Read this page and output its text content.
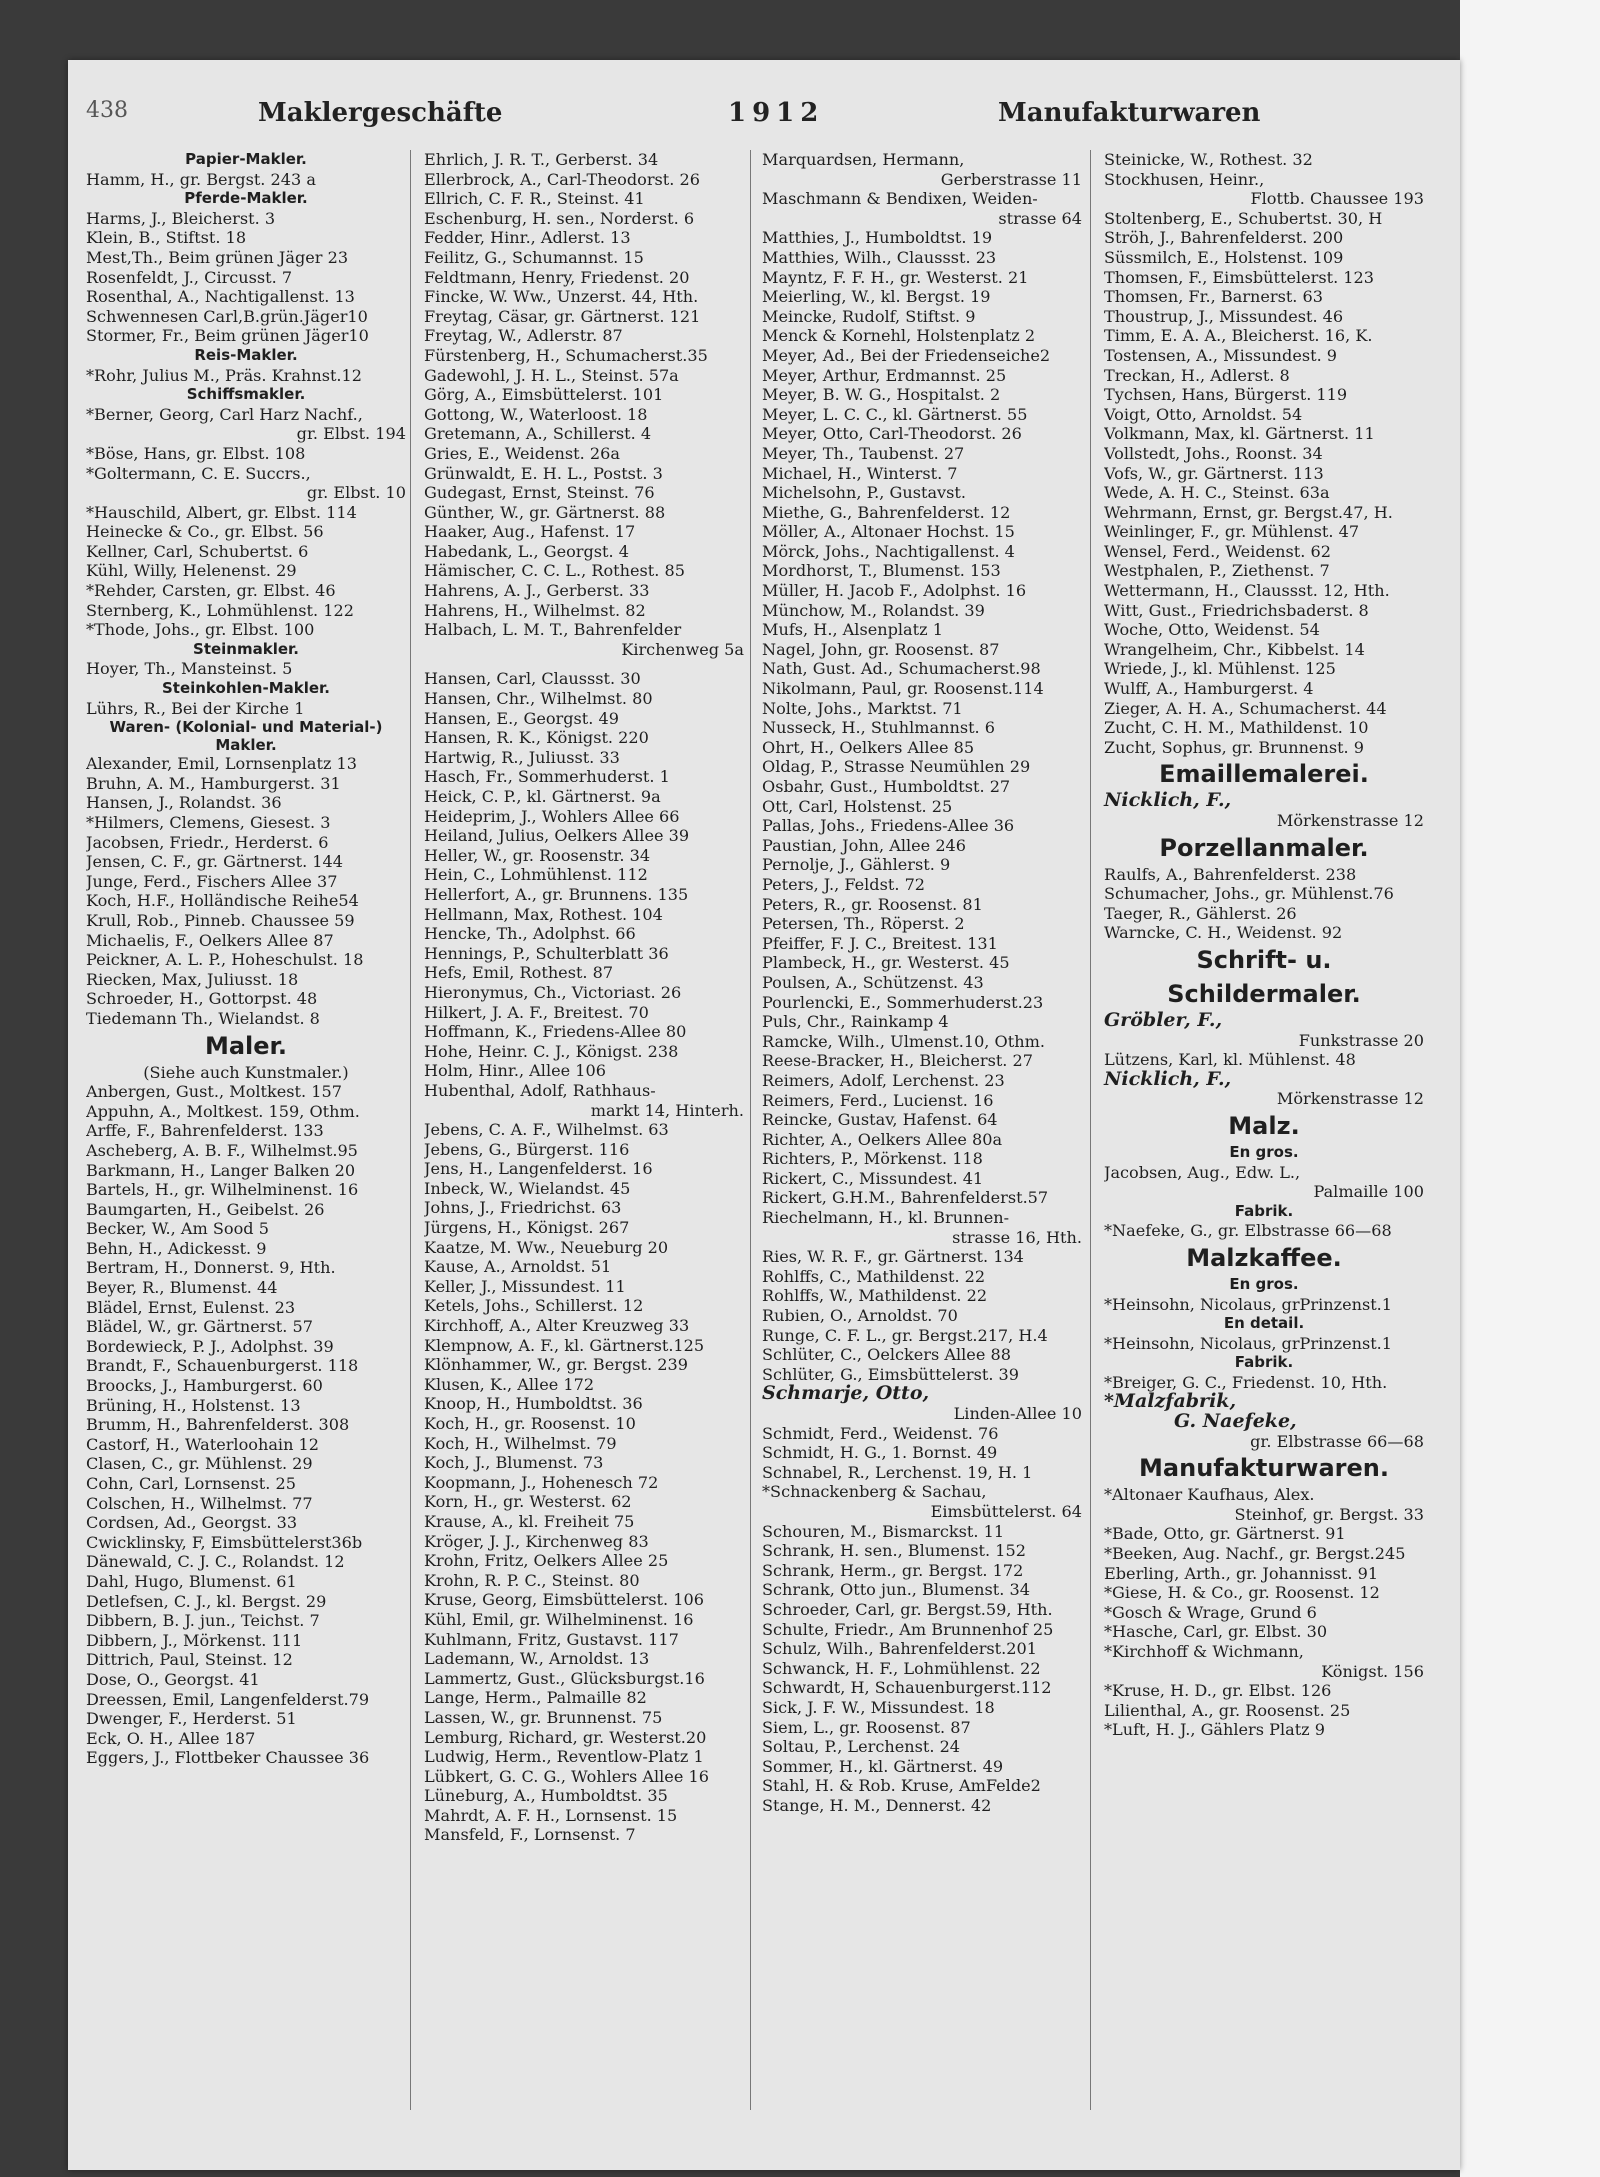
438	Maklergeschäfte	1912	Manufakturwaren
Papier-Makler.
Hamm, H., gr. Bergst. 243 a
Pferde-Makler.
Harms, J., Bleicherst. 3
Klein, B., Stiftst. 18
Mest,Th., Beim grünen Jäger 23
Rosenfeldt, J., Circusst. 7
Rosenthal, A., Nachtigallenst. 13
Schwennesen Carl,B.grün.Jäger10
Stormer, Fr., Beim grünen Jäger10
Reis-Makler.
*Rohr, Julius M., Präs. Krahnst.12
Schiffsmakler.
*Berner, Georg, Carl Harz Nachf.,
gr. Elbst. 194
*Böse, Hans, gr. Elbst. 108
*Goltermann, C. E. Succrs.,
gr. Elbst. 10
*Hauschild, Albert, gr. Elbst. 114
Heinecke & Co., gr. Elbst. 56
Kellner, Carl, Schubertst. 6
Kühl, Willy, Helenenst. 29
*Rehder, Carsten, gr. Elbst. 46
Sternberg, K., Lohmühlenst. 122
*Thode, Johs., gr. Elbst. 100
Steinmakler.
Hoyer, Th., Mansteinst. 5
Steinkohlen-Makler.
Lührs, R., Bei der Kirche 1
Waren- (Kolonial- und Material-)
Makler.
Alexander, Emil, Lornsenplatz 13
Bruhn, A. M., Hamburgerst. 31
Hansen, J., Rolandst. 36
*Hilmers, Clemens, Giesest. 3
Jacobsen, Friedr., Herderst. 6
Jensen, C. F., gr. Gärtnerst. 144
Junge, Ferd., Fischers Allee 37
Koch, H.F., Holländische Reihe54
Krull, Rob., Pinneb. Chaussee 59
Michaelis, F., Oelkers Allee 87
Peickner, A. L. P., Hoheschulst. 18
Riecken, Max, Juliusst. 18
Schroeder, H., Gottorpst. 48
Tiedemann Th., Wielandst. 8
Maler.
(Siehe auch Kunstmaler.)
Anbergen, Gust., Moltkest. 157
Appuhn, A., Moltkest. 159, Othm.
Arffe, F., Bahrenfelderst. 133
Ascheberg, A. B. F., Wilhelmst.95
Barkmann, H., Langer Balken 20
Bartels, H., gr. Wilhelminenst. 16
Baumgarten, H., Geibelst. 26
Becker, W., Am Sood 5
Behn, H., Adickesst. 9
Bertram, H., Donnerst. 9, Hth.
Beyer, R., Blumenst. 44
Blädel, Ernst, Eulenst. 23
Blädel, W., gr. Gärtnerst. 57
Bordewieck, P. J., Adolphst. 39
Brandt, F., Schauenburgerst. 118
Broocks, J., Hamburgerst. 60
Brüning, H., Holstenst. 13
Brumm, H., Bahrenfelderst. 308
Castorf, H., Waterloohain 12
Clasen, C., gr. Mühlenst. 29
Cohn, Carl, Lornsenst. 25
Colschen, H., Wilhelmst. 77
Cordsen, Ad., Georgst. 33
Cwicklinsky, F, Eimsbüttelerst36b
Dänewald, C. J. C., Rolandst. 12
Dahl, Hugo, Blumenst. 61
Detlefsen, C. J., kl. Bergst. 29
Dibbern, B. J. jun., Teichst. 7
Dibbern, J., Mörkenst. 111
Dittrich, Paul, Steinst. 12
Dose, O., Georgst. 41
Dreessen, Emil, Langenfelderst.79
Dwenger, F., Herderst. 51
Eck, O. H., Allee 187
Eggers, J., Flottbeker Chaussee 36
Ehrlich, J. R. T., Gerberst. 34
Ellerbrock, A., Carl-Theodorst. 26
Ellrich, C. F. R., Steinst. 41
Eschenburg, H. sen., Norderst. 6
Fedder, Hinr., Adlerst. 13
Feilitz, G., Schumannst. 15
Feldtmann, Henry, Friedenst. 20
Fincke, W. Ww., Unzerst. 44, Hth.
Freytag, Cäsar, gr. Gärtnerst. 121
Freytag, W., Adlerstr. 87
Fürstenberg, H., Schumacherst.35
Gadewohl, J. H. L., Steinst. 57a
Görg, A., Eimsbüttelerst. 101
Gottong, W., Waterloost. 18
Gretemann, A., Schillerst. 4
Gries, E., Weidenst. 26a
Grünwaldt, E. H. L., Postst. 3
Gudegast, Ernst, Steinst. 76
Günther, W., gr. Gärtnerst. 88
Haaker, Aug., Hafenst. 17
Habedank, L., Georgst. 4
Hämischer, C. C. L., Rothest. 85
Hahrens, A. J., Gerberst. 33
Hahrens, H., Wilhelmst. 82
Halbach, L. M. T., Bahrenfelder
Kirchenweg 5a
Hansen, Carl, Claussst. 30
Hansen, Chr., Wilhelmst. 80
Hansen, E., Georgst. 49
Hansen, R. K., Königst. 220
Hartwig, R., Juliusst. 33
Hasch, Fr., Sommerhuderst. 1
Heick, C. P., kl. Gärtnerst. 9a
Heideprim, J., Wohlers Allee 66
Heiland, Julius, Oelkers Allee 39
Heller, W., gr. Roosenstr. 34
Hein, C., Lohmühlenst. 112
Hellerfort, A., gr. Brunnens. 135
Hellmann, Max, Rothest. 104
Hencke, Th., Adolphst. 66
Hennings, P., Schulterblatt 36
Hefs, Emil, Rothest. 87
Hieronymus, Ch., Victoriast. 26
Hilkert, J. A. F., Breitest. 70
Hoffmann, K., Friedens-Allee 80
Hohe, Heinr. C. J., Königst. 238
Holm, Hinr., Allee 106
Hubenthal, Adolf, Rathhaus-
markt 14, Hinterh.
Jebens, C. A. F., Wilhelmst. 63
Jebens, G., Bürgerst. 116
Jens, H., Langenfelderst. 16
Inbeck, W., Wielandst. 45
Johns, J., Friedrichst. 63
Jürgens, H., Königst. 267
Kaatze, M. Ww., Neueburg 20
Kause, A., Arnoldst. 51
Keller, J., Missundest. 11
Ketels, Johs., Schillerst. 12
Kirchhoff, A., Alter Kreuzweg 33
Klempnow, A. F., kl. Gärtnerst.125
Klönhammer, W., gr. Bergst. 239
Klusen, K., Allee 172
Knoop, H., Humboldtst. 36
Koch, H., gr. Roosenst. 10
Koch, H., Wilhelmst. 79
Koch, J., Blumenst. 73
Koopmann, J., Hohenesch 72
Korn, H., gr. Westerst. 62
Krause, A., kl. Freiheit 75
Kröger, J. J., Kirchenweg 83
Krohn, Fritz, Oelkers Allee 25
Krohn, R. P. C., Steinst. 80
Kruse, Georg, Eimsbüttelerst. 106
Kühl, Emil, gr. Wilhelminenst. 16
Kuhlmann, Fritz, Gustavst. 117
Lademann, W., Arnoldst. 13
Lammertz, Gust., Glücksburgst.16
Lange, Herm., Palmaille 82
Lassen, W., gr. Brunnenst. 75
Lemburg, Richard, gr. Westerst.20
Ludwig, Herm., Reventlow-Platz 1
Lübkert, G. C. G., Wohlers Allee 16
Lüneburg, A., Humboldtst. 35
Mahrdt, A. F. H., Lornsenst. 15
Mansfeld, F., Lornsenst. 7
Marquardsen, Hermann,
Gerberstrasse 11
Maschmann & Bendixen, Weiden-
strasse 64
Matthies, J., Humboldtst. 19
Matthies, Wilh., Claussst. 23
Mayntz, F. F. H., gr. Westerst. 21
Meierling, W., kl. Bergst. 19
Meincke, Rudolf, Stiftst. 9
Menck & Kornehl, Holstenplatz 2
Meyer, Ad., Bei der Friedenseiche2
Meyer, Arthur, Erdmannst. 25
Meyer, B. W. G., Hospitalst. 2
Meyer, L. C. C., kl. Gärtnerst. 55
Meyer, Otto, Carl-Theodorst. 26
Meyer, Th., Taubenst. 27
Michael, H., Winterst. 7
Michelsohn, P., Gustavst.
Miethe, G., Bahrenfelderst. 12
Möller, A., Altonaer Hochst. 15
Mörck, Johs., Nachtigallenst. 4
Mordhorst, T., Blumenst. 153
Müller, H. Jacob F., Adolphst. 16
Münchow, M., Rolandst. 39
Mufs, H., Alsenplatz 1
Nagel, John, gr. Roosenst. 87
Nath, Gust. Ad., Schumacherst.98
Nikolmann, Paul, gr. Roosenst.114
Nolte, Johs., Marktst. 71
Nusseck, H., Stuhlmannst. 6
Ohrt, H., Oelkers Allee 85
Oldag, P., Strasse Neumühlen 29
Osbahr, Gust., Humboldtst. 27
Ott, Carl, Holstenst. 25
Pallas, Johs., Friedens-Allee 36
Paustian, John, Allee 246
Pernolje, J., Gählerst. 9
Peters, J., Feldst. 72
Peters, R., gr. Roosenst. 81
Petersen, Th., Röperst. 2
Pfeiffer, F. J. C., Breitest. 131
Plambeck, H., gr. Westerst. 45
Poulsen, A., Schützenst. 43
Pourlencki, E., Sommerhuderst.23
Puls, Chr., Rainkamp 4
Ramcke, Wilh., Ulmenst.10, Othm.
Reese-Bracker, H., Bleicherst. 27
Reimers, Adolf, Lerchenst. 23
Reimers, Ferd., Lucienst. 16
Reincke, Gustav, Hafenst. 64
Richter, A., Oelkers Allee 80a
Richters, P., Mörkenst. 118
Rickert, C., Missundest. 41
Rickert, G.H.M., Bahrenfelderst.57
Riechelmann, H., kl. Brunnen-
strasse 16, Hth.
Ries, W. R. F., gr. Gärtnerst. 134
Rohlffs, C., Mathildenst. 22
Rohlffs, W., Mathildenst. 22
Rubien, O., Arnoldst. 70
Runge, C. F. L., gr. Bergst.217, H.4
Schlüter, C., Oelckers Allee 88
Schlüter, G., Eimsbüttelerst. 39
Schmarje, Otto,
Linden-Allee 10
Schmidt, Ferd., Weidenst. 76
Schmidt, H. G., 1. Bornst. 49
Schnabel, R., Lerchenst. 19, H. 1
*Schnackenberg & Sachau,
Eimsbüttelerst. 64
Schouren, M., Bismarckst. 11
Schrank, H. sen., Blumenst. 152
Schrank, Herm., gr. Bergst. 172
Schrank, Otto jun., Blumenst. 34
Schroeder, Carl, gr. Bergst.59, Hth.
Schulte, Friedr., Am Brunnenhof 25
Schulz, Wilh., Bahrenfelderst.201
Schwanck, H. F., Lohmühlenst. 22
Schwardt, H, Schauenburgerst.112
Sick, J. F. W., Missundest. 18
Siem, L., gr. Roosenst. 87
Soltau, P., Lerchenst. 24
Sommer, H., kl. Gärtnerst. 49
Stahl, H. & Rob. Kruse, AmFelde2
Stange, H. M., Dennerst. 42
Steinicke, W., Rothest. 32
Stockhusen, Heinr.,
Flottb. Chaussee 193
Stoltenberg, E., Schubertst. 30, H
Ströh, J., Bahrenfelderst. 200
Süssmilch, E., Holstenst. 109
Thomsen, F., Eimsbüttelerst. 123
Thomsen, Fr., Barnerst. 63
Thoustrup, J., Missundest. 46
Timm, E. A. A., Bleicherst. 16, K.
Tostensen, A., Missundest. 9
Treckan, H., Adlerst. 8
Tychsen, Hans, Bürgerst. 119
Voigt, Otto, Arnoldst. 54
Volkmann, Max, kl. Gärtnerst. 11
Vollstedt, Johs., Roonst. 34
Vofs, W., gr. Gärtnerst. 113
Wede, A. H. C., Steinst. 63a
Wehrmann, Ernst, gr. Bergst.47, H.
Weinlinger, F., gr. Mühlenst. 47
Wensel, Ferd., Weidenst. 62
Westphalen, P., Ziethenst. 7
Wettermann, H., Claussst. 12, Hth.
Witt, Gust., Friedrichsbaderst. 8
Woche, Otto, Weidenst. 54
Wrangelheim, Chr., Kibbelst. 14
Wriede, J., kl. Mühlenst. 125
Wulff, A., Hamburgerst. 4
Zieger, A. H. A., Schumacherst. 44
Zucht, C. H. M., Mathildenst. 10
Zucht, Sophus, gr. Brunnenst. 9
Emaillemalerei.
Nicklich, F.,
Mörkenstrasse 12
Porzellanmaler.
Raulfs, A., Bahrenfelderst. 238
Schumacher, Johs., gr. Mühlenst.76
Taeger, R., Gählerst. 26
Warncke, C. H., Weidenst. 92
Schrift- u. Schildermaler.
Gröbler, F.,
Funkstrasse 20
Lützens, Karl, kl. Mühlenst. 48
Nicklich, F.,
Mörkenstrasse 12
Malz.
En gros.
Jacobsen, Aug., Edw. L.,
Palmaille 100
Fabrik.
*Naefeke, G., gr. Elbstrasse 66—68
Malzkaffee.
En gros.
*Heinsohn, Nicolaus, grPrinzenst.1
En detail.
*Heinsohn, Nicolaus, grPrinzenst.1
Fabrik.
*Breiger, G. C., Friedenst. 10, Hth.
*Malzfabrik,
G. Naefeke,
gr. Elbstrasse 66—68
Manufakturwaren.
*Altonaer Kaufhaus, Alex.
Steinhof, gr. Bergst. 33
*Bade, Otto, gr. Gärtnerst. 91
*Beeken, Aug. Nachf., gr. Bergst.245
Eberling, Arth., gr. Johannisst. 91
*Giese, H. & Co., gr. Roosenst. 12
*Gosch & Wrage, Grund 6
*Hasche, Carl, gr. Elbst. 30
*Kirchhoff & Wichmann,
Königst. 156
*Kruse, H. D., gr. Elbst. 126
Lilienthal, A., gr. Roosenst. 25
*Luft, H. J., Gählers Platz 9
